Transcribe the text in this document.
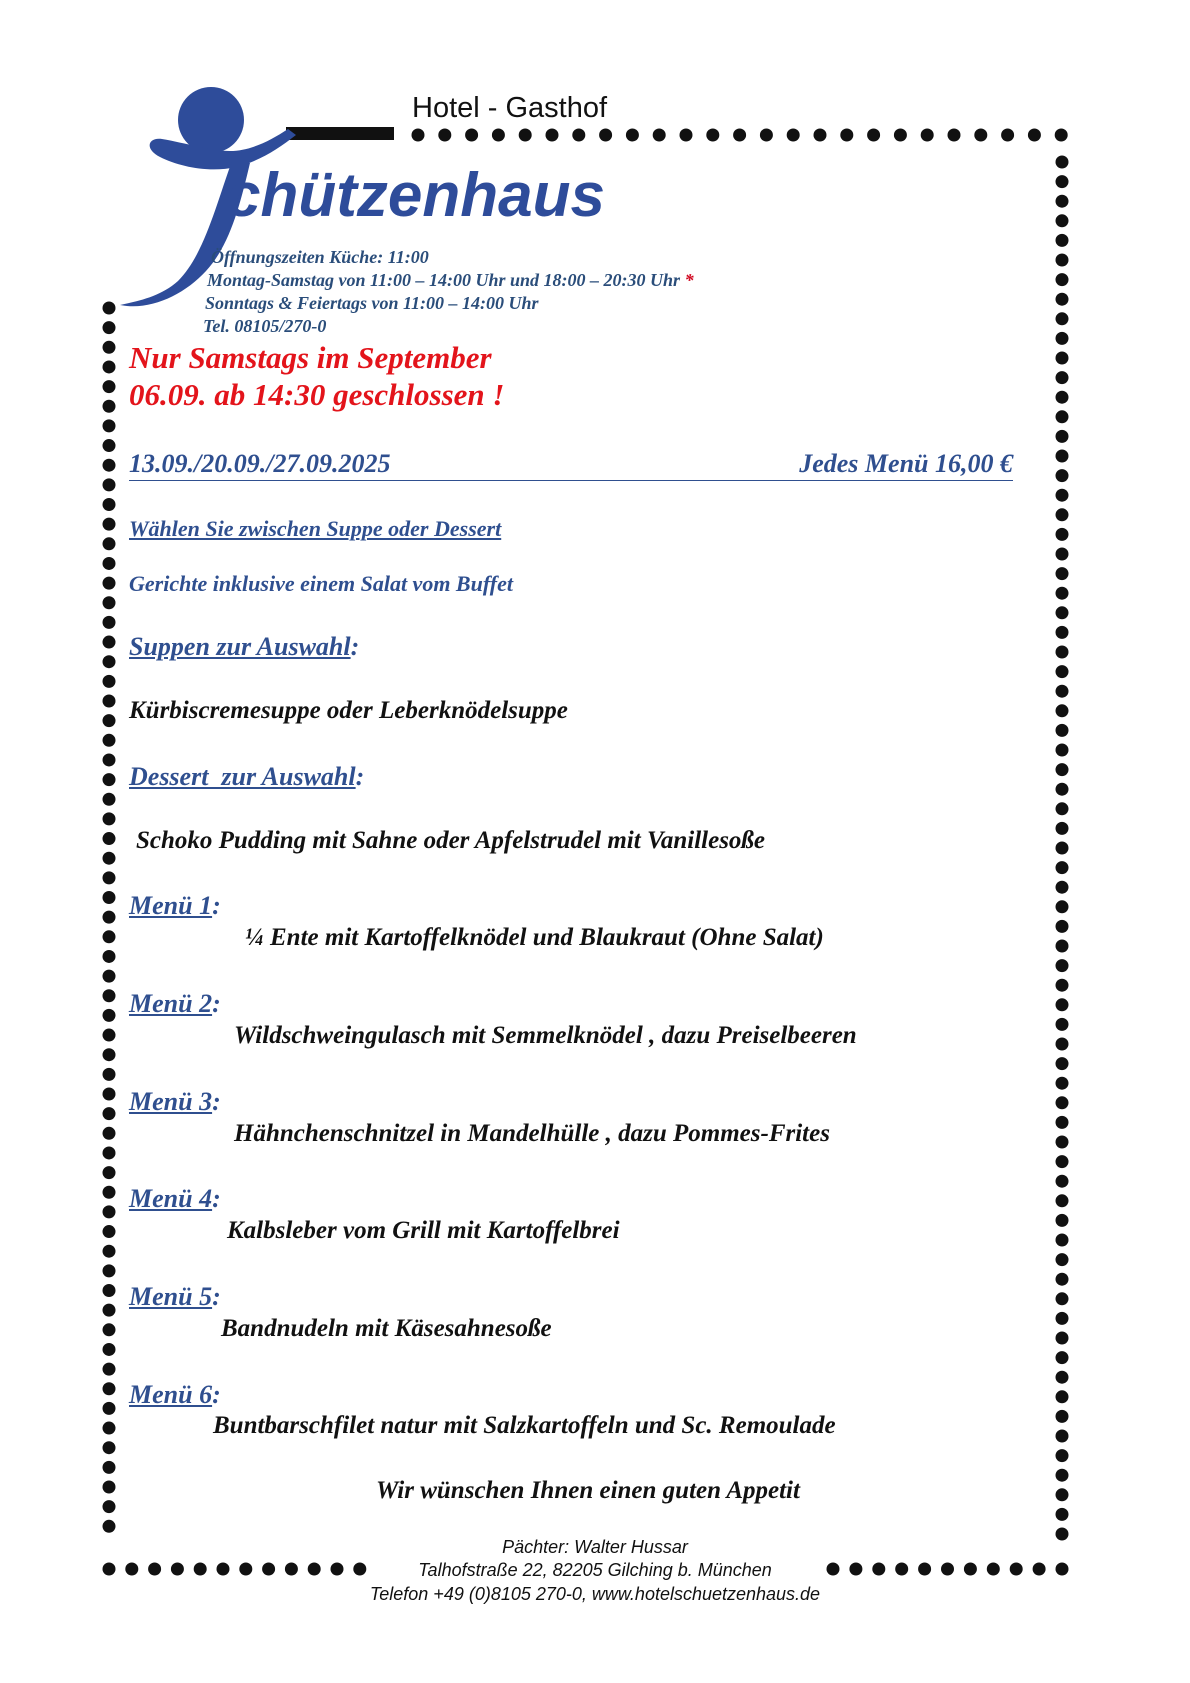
Hotel - Gasthof
chützenhaus
Öffnungszeiten Küche: 11:00
Montag-Samstag von 11:00 – 14:00 Uhr und 18:00 – 20:30 Uhr *
Sonntags & Feiertags von 11:00 – 14:00 Uhr
Tel. 08105/270-0
Nur Samstags im September
06.09. ab 14:30 geschlossen !
13.09./20.09./27.09.2025	Jedes Menü 16,00 €
Wählen Sie zwischen Suppe oder Dessert
Gerichte inklusive einem Salat vom Buffet
Suppen zur Auswahl:
Kürbiscremesuppe oder Leberknödelsuppe
Dessert  zur Auswahl:
Schoko Pudding mit Sahne oder Apfelstrudel mit Vanillesoße
Menü 1:
¼ Ente mit Kartoffelknödel und Blaukraut (Ohne Salat)
Menü 2:
Wildschweingulasch mit Semmelknödel , dazu Preiselbeeren
Menü 3:
Hähnchenschnitzel in Mandelhülle , dazu Pommes-Frites
Menü 4:
Kalbsleber vom Grill mit Kartoffelbrei
Menü 5:
Bandnudeln mit Käsesahnesoße
Menü 6:
Buntbarschfilet natur mit Salzkartoffeln und Sc. Remoulade
Wir wünschen Ihnen einen guten Appetit
Pächter: Walter Hussar
Talhofstraße 22, 82205 Gilching b. München
Telefon +49 (0)8105 270-0, www.hotelschuetzenhaus.de
